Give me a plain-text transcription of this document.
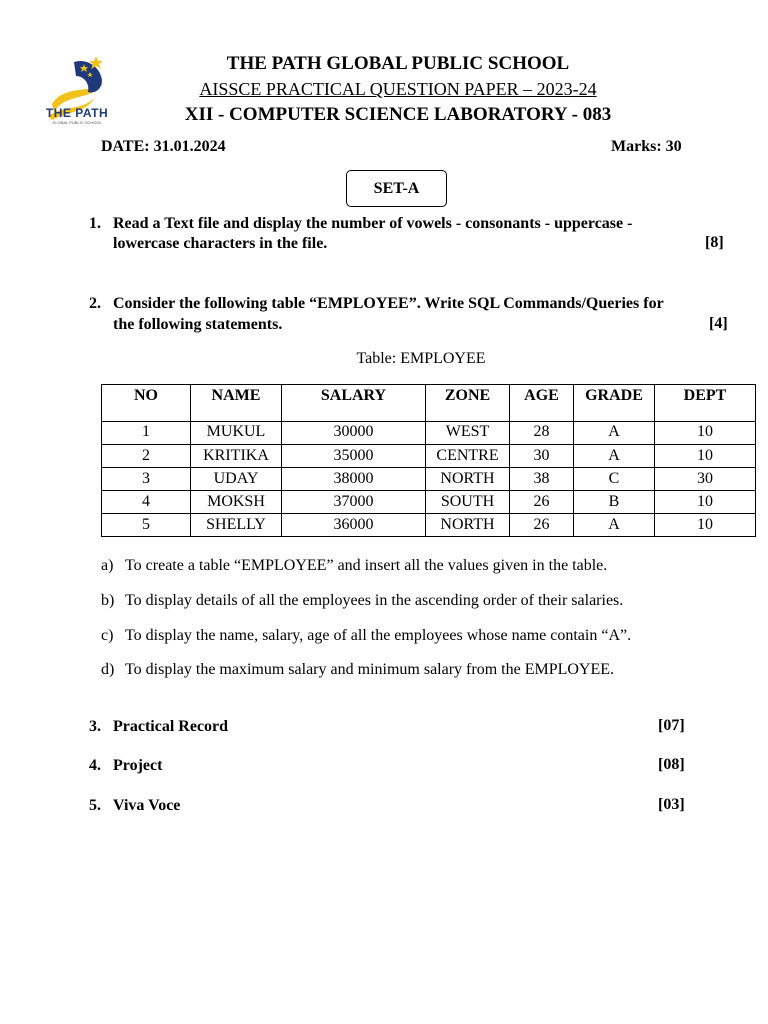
THE PATH
GLOBAL PUBLIC SCHOOL
THE PATH GLOBAL PUBLIC SCHOOL
AISSCE PRACTICAL QUESTION PAPER – 2023-24
XII - COMPUTER SCIENCE LABORATORY - 083
DATE: 31.01.2024	Marks: 30
SET-A
1. Read a Text file and display the number of vowels - consonants - uppercase -
lowercase characters in the file.	[8]
2. Consider the following table “EMPLOYEE”. Write SQL Commands/Queries for
the following statements.	[4]
Table: EMPLOYEE
NO	NAME	SALARY	ZONE	AGE	GRADE	DEPT
1	MUKUL	30000	WEST	28	A	10
2	KRITIKA	35000	CENTRE	30	A	10
3	UDAY	38000	NORTH	38	C	30
4	MOKSH	37000	SOUTH	26	B	10
5	SHELLY	36000	NORTH	26	A	10
a) To create a table “EMPLOYEE” and insert all the values given in the table.
b) To display details of all the employees in the ascending order of their salaries.
c) To display the name, salary, age of all the employees whose name contain “A”.
d) To display the maximum salary and minimum salary from the EMPLOYEE.
3. Practical Record	[07]
4. Project	[08]
5. Viva Voce	[03]
